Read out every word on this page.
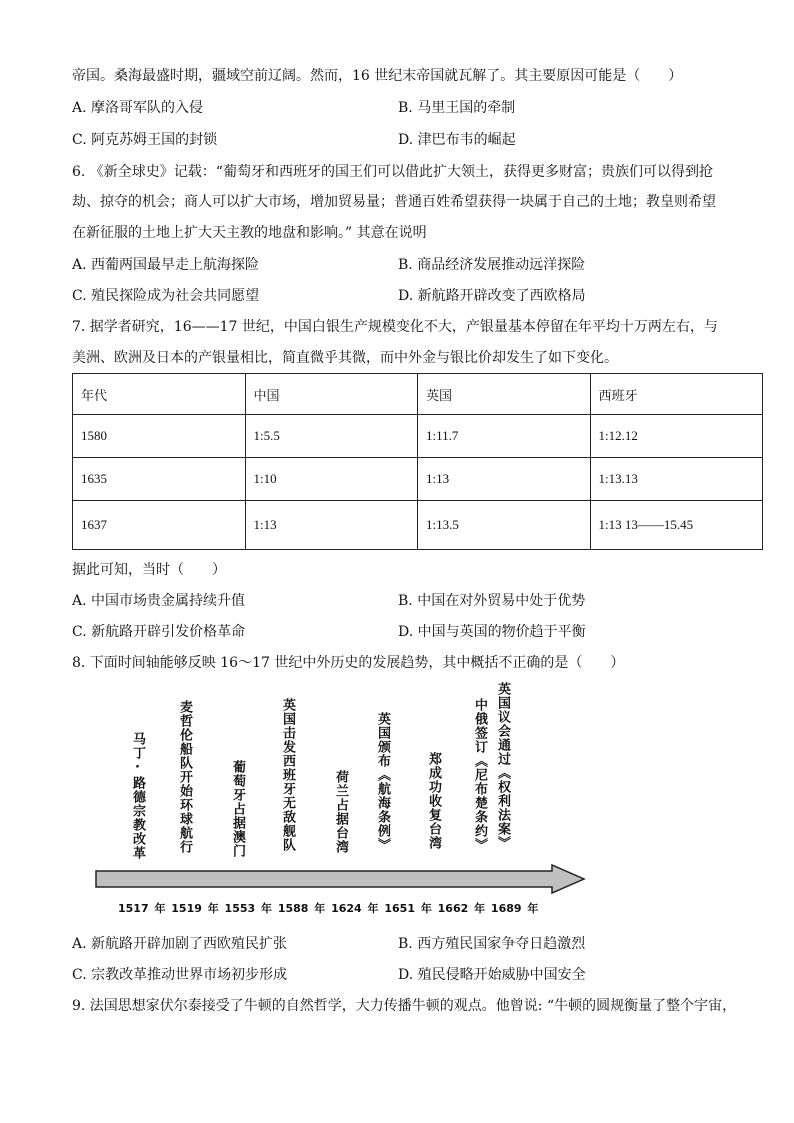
帝国。桑海最盛时期，疆域空前辽阔。然而，16 世纪末帝国就瓦解了。其主要原因可能是（　　）
A. 摩洛哥军队的入侵	B. 马里王国的牵制
C. 阿克苏姆王国的封锁	D. 津巴布韦的崛起
6. 《新全球史》记载：“葡萄牙和西班牙的国王们可以借此扩大领土，获得更多财富；贵族们可以得到抢
劫、掠夺的机会；商人可以扩大市场，增加贸易量；普通百姓希望获得一块属于自己的土地；教皇则希望
在新征服的土地上扩大天主教的地盘和影响。” 其意在说明
A. 西葡两国最早走上航海探险	B. 商品经济发展推动远洋探险
C. 殖民探险成为社会共同愿望	D. 新航路开辟改变了西欧格局
7. 据学者研究，16——17 世纪，中国白银生产规模变化不大，产银量基本停留在年平均十万两左右，与
美洲、欧洲及日本的产银量相比，简直微乎其微，而中外金与银比价却发生了如下变化。
年代	中国	英国	西班牙
1580	1:5.5	1:11.7	1:12.12
1635	1:10	1:13	1:13.13
1637	1:13	1:13.5	1:13 13——15.45
据此可知，当时（　　）
A. 中国市场贵金属持续升值	B. 中国在对外贸易中处于优势
C. 新航路开辟引发价格革命	D. 中国与英国的物价趋于平衡
8. 下面时间轴能够反映 16～17 世纪中外历史的发展趋势，其中概括不正确的是（　　）
马丁·路德宗教改革 麦哲伦船队开始环球航行	葡萄牙占据澳门	英国击发西班牙无敌舰队	荷兰占据台湾 英国颁布《航海条例》	郑成功收复台湾 中俄签订《尼布楚条约》 英国议会通过《权利法案》
1517 年 1519 年 1553 年 1588 年 1624 年 1651 年 1662 年 1689 年
A. 新航路开辟加剧了西欧殖民扩张	B. 西方殖民国家争夺日趋激烈
C. 宗教改革推动世界市场初步形成	D. 殖民侵略开始威胁中国安全
9. 法国思想家伏尔泰接受了牛顿的自然哲学，大力传播牛顿的观点。他曾说: “牛顿的圆规衡量了整个宇宙，
